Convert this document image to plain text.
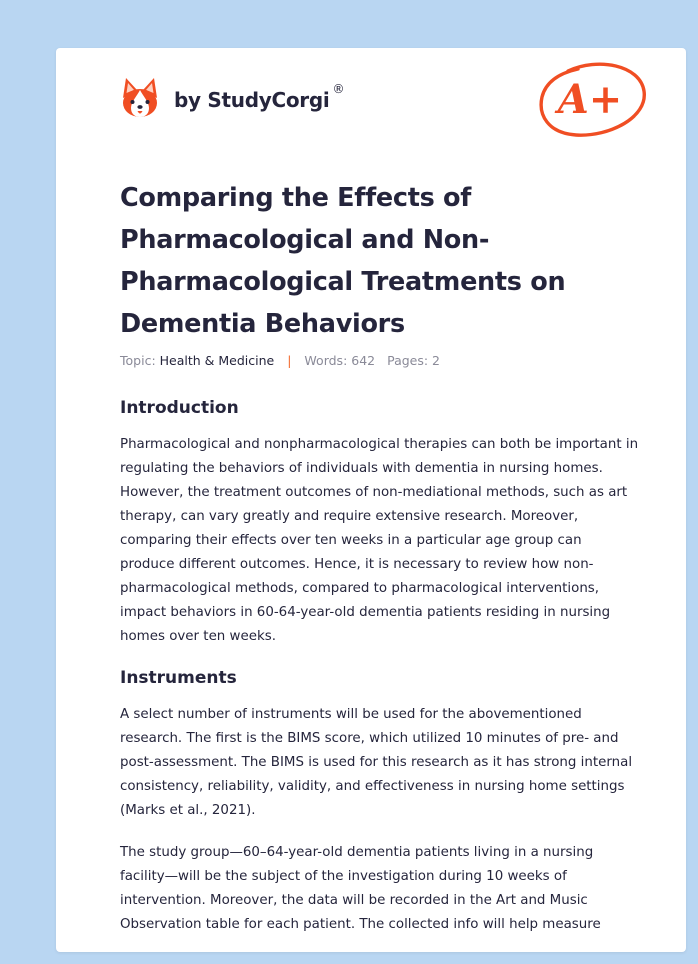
by StudyCorgi ®	A+
Comparing the Effects of Pharmacological and Non-Pharmacological Treatments on Dementia Behaviors
Topic: Health & Medicine | Words: 642 Pages: 2
Introduction

Pharmacological and nonpharmacological therapies can both be important in regulating the behaviors of individuals with dementia in nursing homes. However, the treatment outcomes of non-mediational methods, such as art therapy, can vary greatly and require extensive research. Moreover, comparing their effects over ten weeks in a particular age group can produce different outcomes. Hence, it is necessary to review how non-pharmacological methods, compared to pharmacological interventions, impact behaviors in 60-64-year-old dementia patients residing in nursing homes over ten weeks.

Instruments

A select number of instruments will be used for the abovementioned research. The first is the BIMS score, which utilized 10 minutes of pre- and post-assessment. The BIMS is used for this research as it has strong internal consistency, reliability, validity, and effectiveness in nursing home settings (Marks et al., 2021).

The study group—60–64-year-old dementia patients living in a nursing facility—will be the subject of the investigation during 10 weeks of intervention. Moreover, the data will be recorded in the Art and Music Observation table for each patient. The collected info will help measure
